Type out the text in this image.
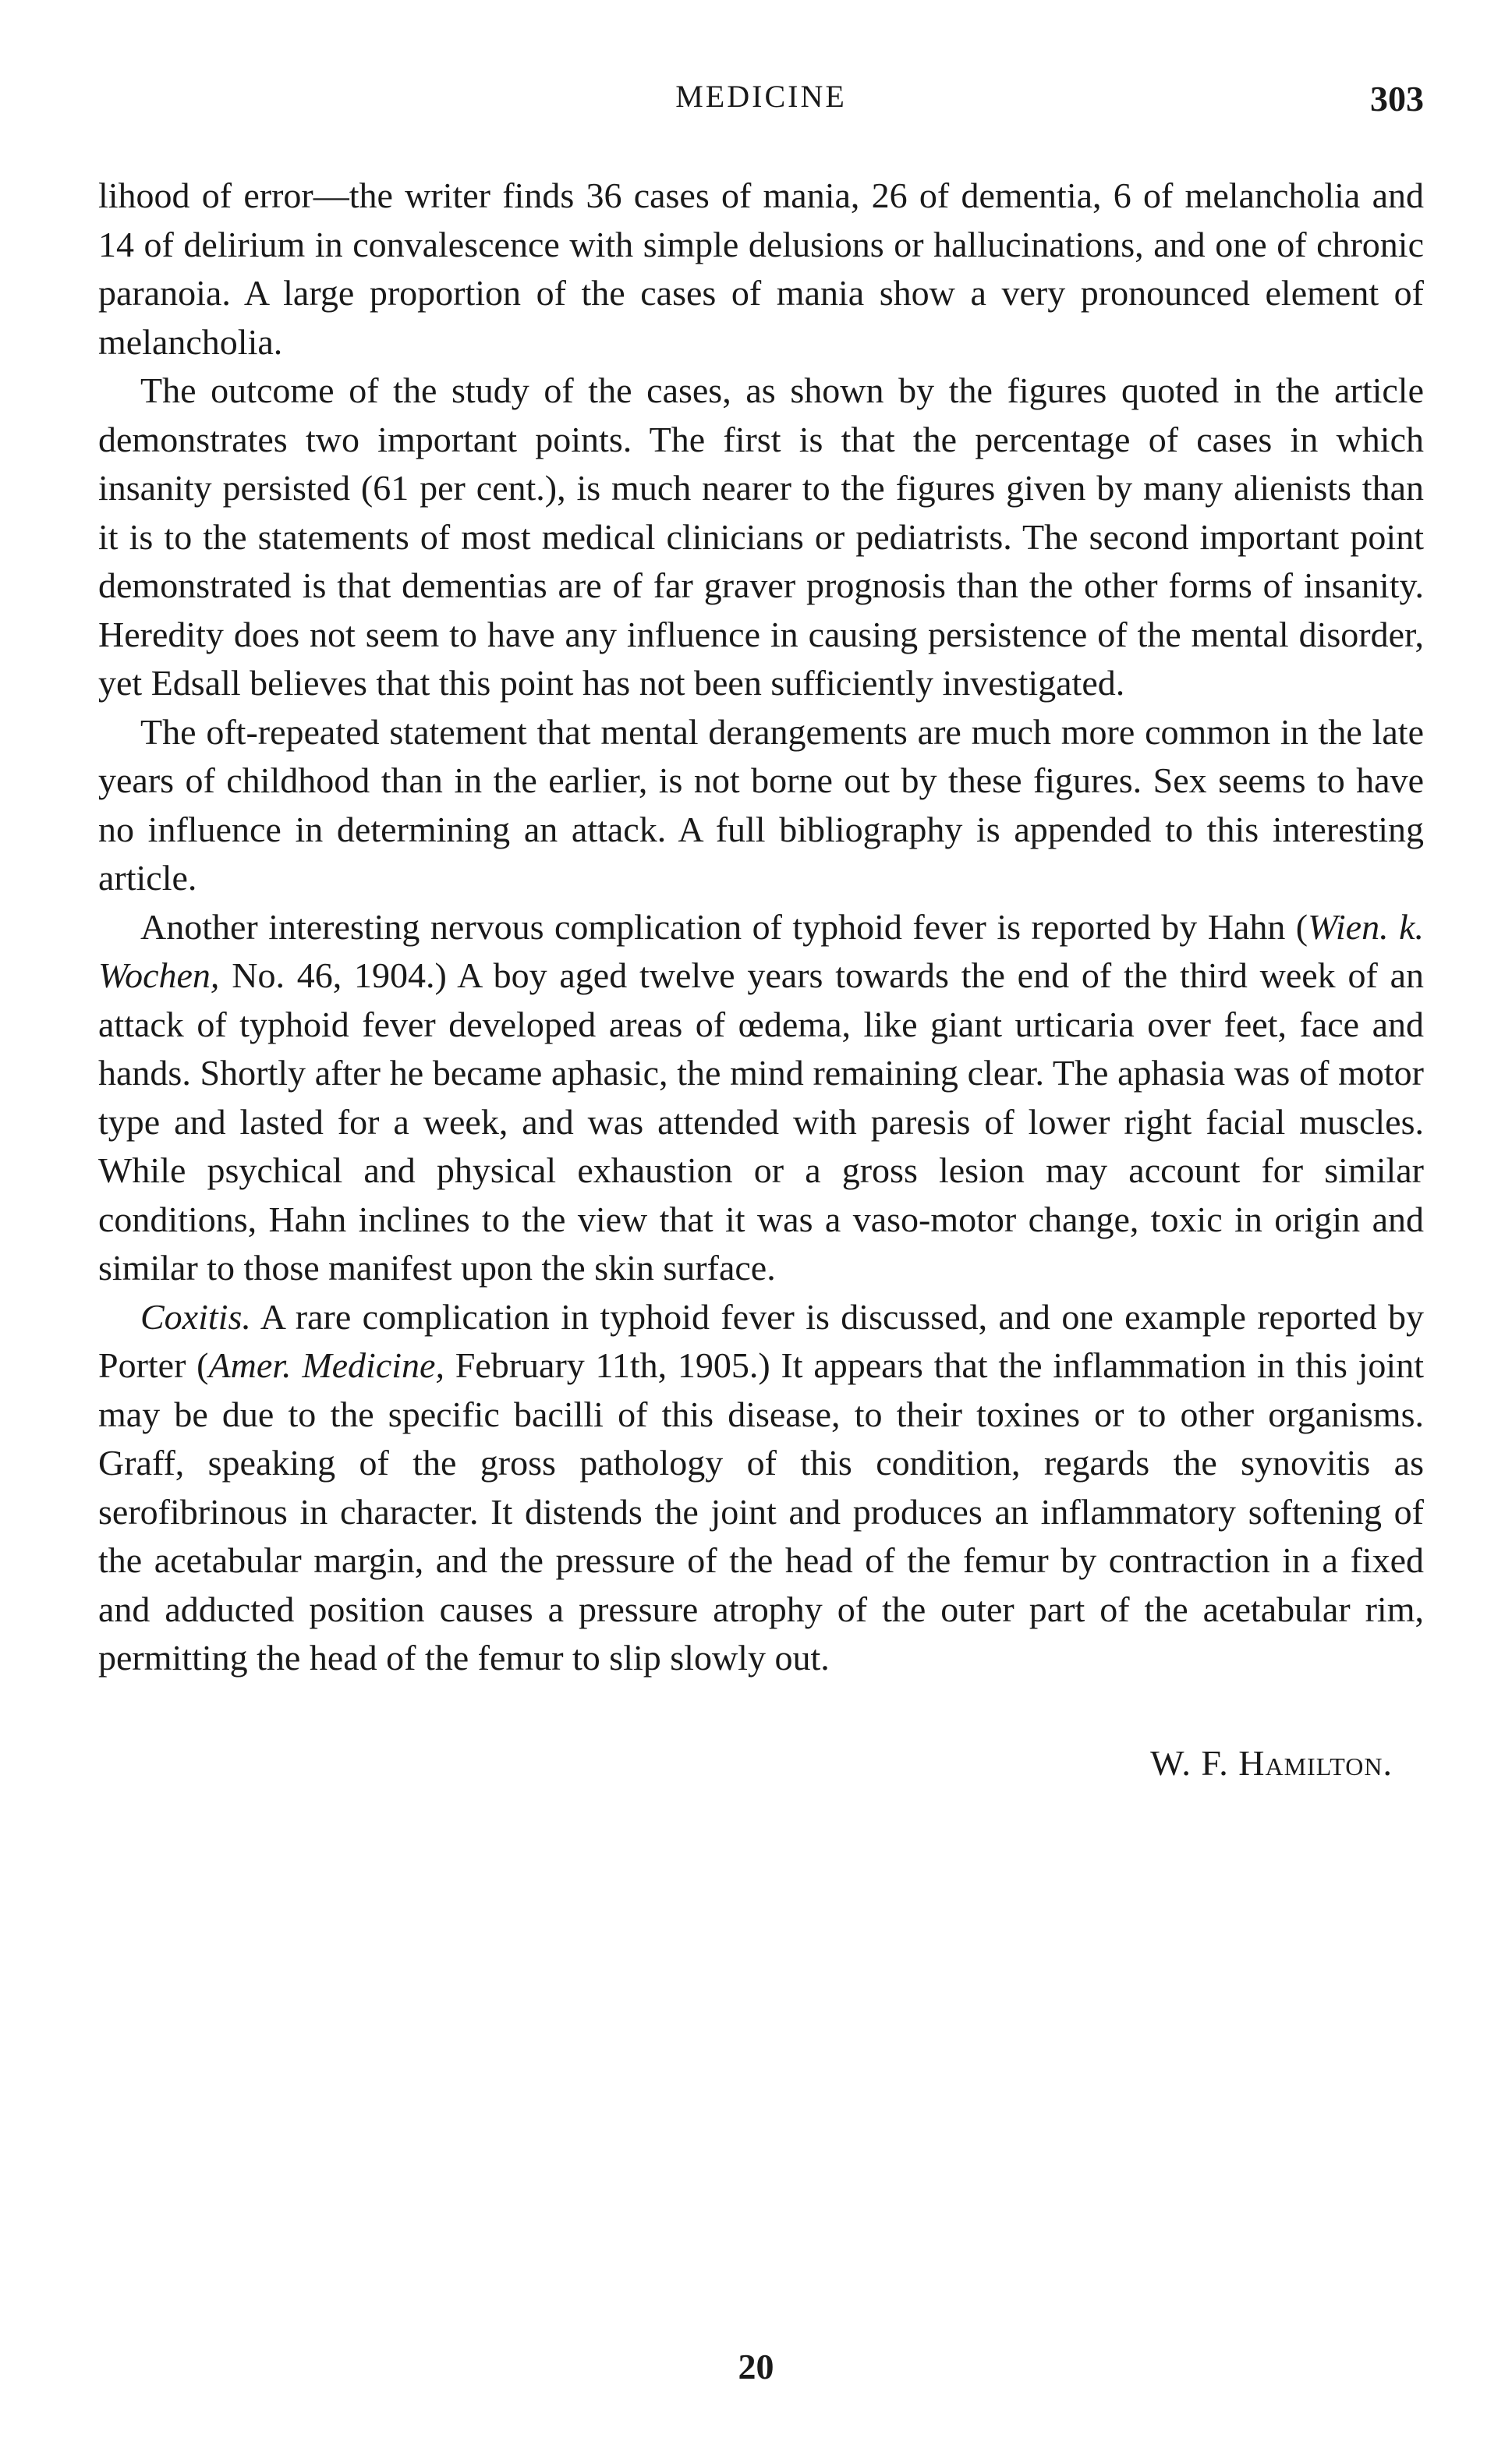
MEDICINE	303

lihood of error—the writer finds 36 cases of mania, 26 of dementia, 6 of melancholia and 14 of delirium in convalescence with simple delusions or hallucinations, and one of chronic paranoia. A large proportion of the cases of mania show a very pronounced element of melancholia.

The outcome of the study of the cases, as shown by the figures quoted in the article demonstrates two important points. The first is that the percentage of cases in which insanity persisted (61 per cent.), is much nearer to the figures given by many alienists than it is to the statements of most medical clinicians or pediatrists. The second important point demonstrated is that dementias are of far graver prognosis than the other forms of insanity. Heredity does not seem to have any influence in causing persistence of the mental disorder, yet Edsall believes that this point has not been sufficiently investigated.

The oft-repeated statement that mental derangements are much more common in the late years of childhood than in the earlier, is not borne out by these figures. Sex seems to have no influence in determining an attack. A full bibliography is appended to this interesting article.

Another interesting nervous complication of typhoid fever is reported by Hahn (Wien. k. Wochen, No. 46, 1904.) A boy aged twelve years towards the end of the third week of an attack of typhoid fever developed areas of œdema, like giant urticaria over feet, face and hands. Shortly after he became aphasic, the mind remaining clear. The aphasia was of motor type and lasted for a week, and was attended with paresis of lower right facial muscles. While psychical and physical exhaustion or a gross lesion may account for similar conditions, Hahn inclines to the view that it was a vaso-motor change, toxic in origin and similar to those manifest upon the skin surface.

Coxitis. A rare complication in typhoid fever is discussed, and one example reported by Porter (Amer. Medicine, February 11th, 1905.) It appears that the inflammation in this joint may be due to the specific bacilli of this disease, to their toxines or to other organisms. Graff, speaking of the gross pathology of this condition, regards the synovitis as serofibrinous in character. It distends the joint and produces an inflammatory softening of the acetabular margin, and the pressure of the head of the femur by contraction in a fixed and adducted position causes a pressure atrophy of the outer part of the acetabular rim, permitting the head of the femur to slip slowly out.

W. F. Hamilton.
20
